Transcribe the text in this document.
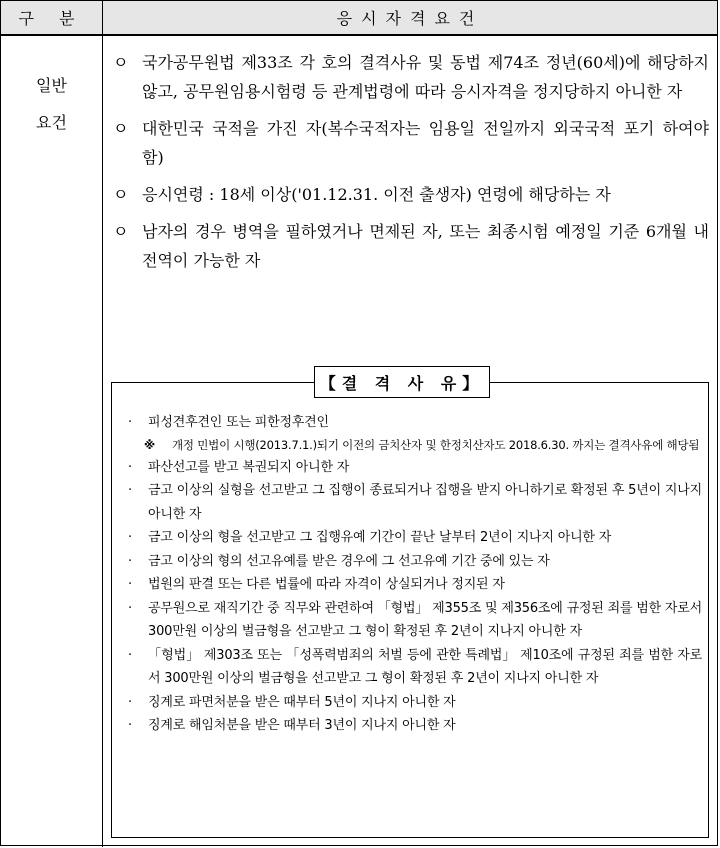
구 분	응시자격요건
일반
요건
ㅇ 국가공무원법 제33조 각 호의 결격사유 및 동법 제74조 정년(60세)에 해당하지 않고, 공무원임용시험령 등 관계법령에 따라 응시자격을 정지당하지 아니한 자
ㅇ 대한민국 국적을 가진 자(복수국적자는 임용일 전일까지 외국국적 포기 하여야 함)
ㅇ 응시연령 : 18세 이상('01.12.31. 이전 출생자) 연령에 해당하는 자
ㅇ 남자의 경우 병역을 필하였거나 면제된 자, 또는 최종시험 예정일 기준 6개월 내 전역이 가능한 자
【결 격 사 유】
· 피성견후견인 또는 피한정후견인
※ 개정 민법이 시행(2013.7.1.)되기 이전의 금치산자 및 한정치산자도 2018.6.30. 까지는 결격사유에 해당됨
· 파산선고를 받고 복권되지 아니한 자
· 금고 이상의 실형을 선고받고 그 집행이 종료되거나 집행을 받지 아니하기로 확정된 후 5년이 지나지 아니한 자
· 금고 이상의 형을 선고받고 그 집행유예 기간이 끝난 날부터 2년이 지나지 아니한 자
· 금고 이상의 형의 선고유예를 받은 경우에 그 선고유예 기간 중에 있는 자
· 법원의 판결 또는 다른 법률에 따라 자격이 상실되거나 정지된 자
· 공무원으로 재직기간 중 직무와 관련하여 「형법」 제355조 및 제356조에 규정된 죄를 범한 자로서 300만원 이상의 벌금형을 선고받고 그 형이 확정된 후 2년이 지나지 아니한 자
· 「형법」 제303조 또는 「성폭력범죄의 처벌 등에 관한 특례법」 제10조에 규정된 죄를 범한 자로서 300만원 이상의 벌금형을 선고받고 그 형이 확정된 후 2년이 지나지 아니한 자
· 징계로 파면처분을 받은 때부터 5년이 지나지 아니한 자
· 징계로 해임처분을 받은 때부터 3년이 지나지 아니한 자
